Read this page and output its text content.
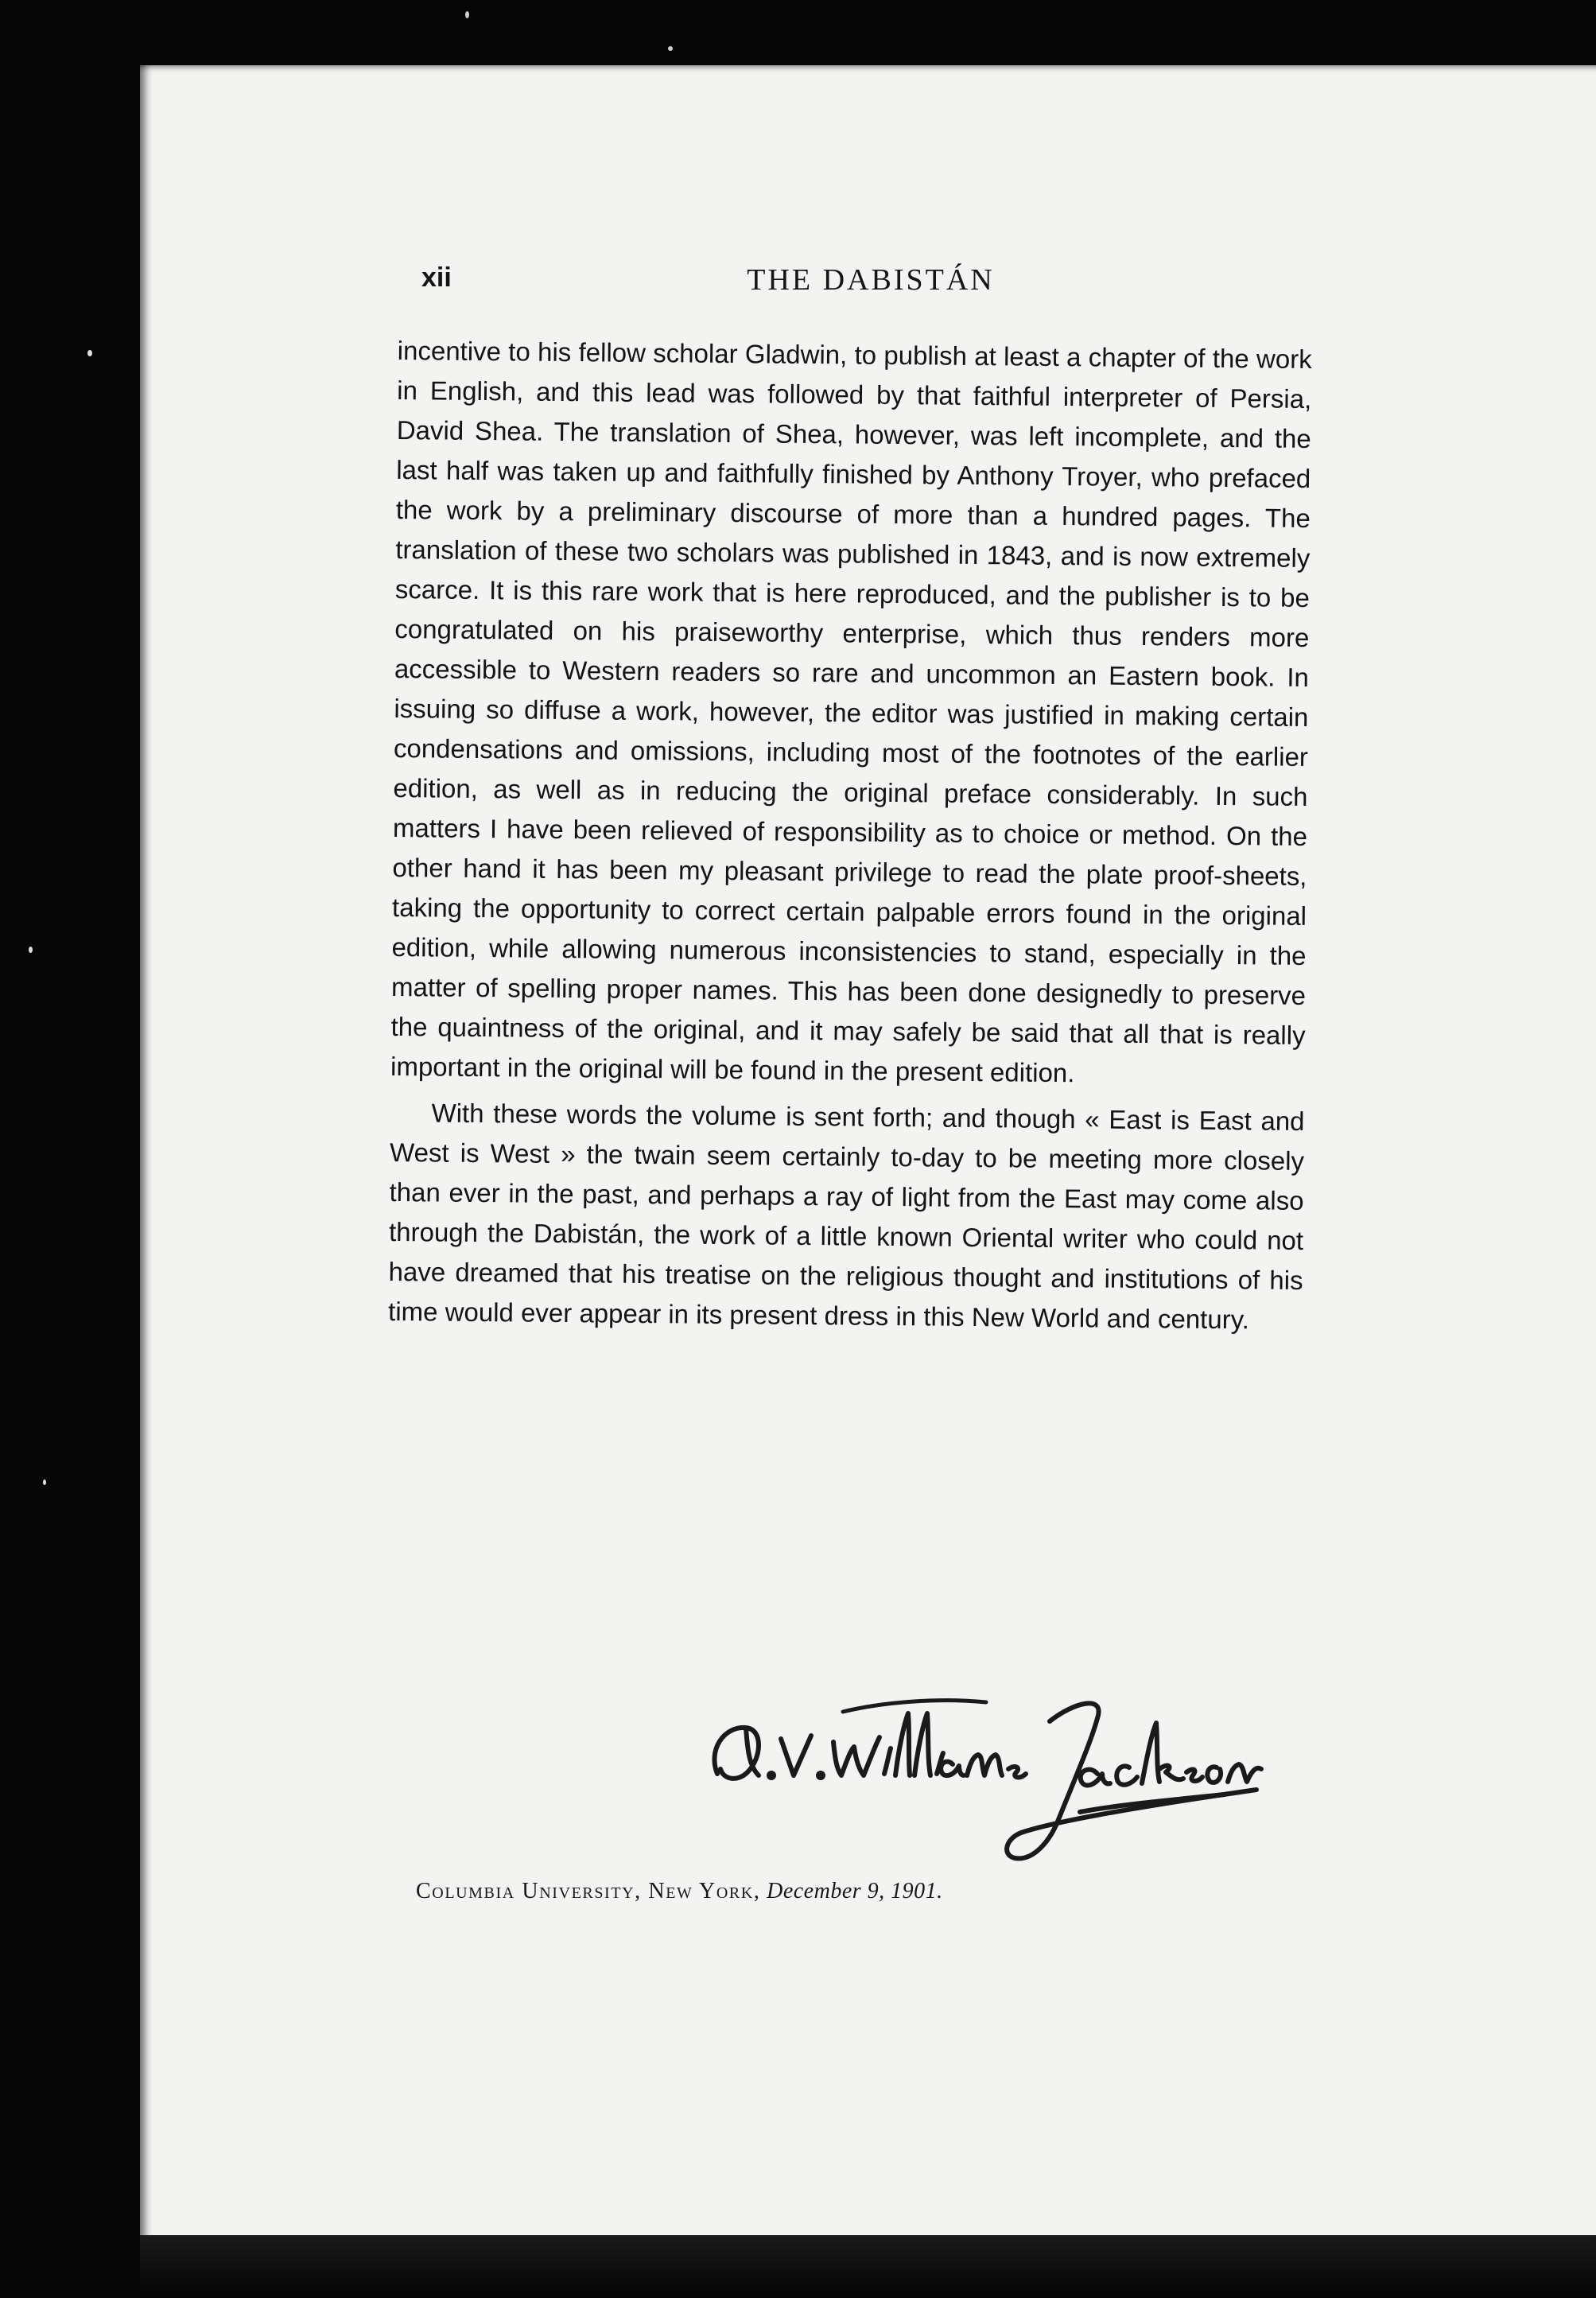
xii	THE DABISTÁN

incentive to his fellow scholar Gladwin, to publish at least a chapter of the work in English, and this lead was followed by that faithful interpreter of Persia, David Shea. The translation of Shea, however, was left incomplete, and the last half was taken up and faithfully finished by Anthony Troyer, who prefaced the work by a preliminary discourse of more than a hundred pages. The translation of these two scholars was published in 1843, and is now extremely scarce. It is this rare work that is here reproduced, and the publisher is to be congratulated on his praiseworthy enterprise, which thus renders more accessible to Western readers so rare and uncommon an Eastern book. In issuing so diffuse a work, however, the editor was justified in making certain condensations and omissions, including most of the footnotes of the earlier edition, as well as in reducing the original preface considerably. In such matters I have been relieved of responsibility as to choice or method. On the other hand it has been my pleasant privilege to read the plate proof-sheets, taking the opportunity to correct certain palpable errors found in the original edition, while allowing numerous inconsistencies to stand, especially in the matter of spelling proper names. This has been done designedly to preserve the quaintness of the original, and it may safely be said that all that is really important in the original will be found in the present edition.

With these words the volume is sent forth; and though « East is East and West is West » the twain seem certainly to-day to be meeting more closely than ever in the past, and perhaps a ray of light from the East may come also through the Dabistán, the work of a little known Oriental writer who could not have dreamed that his treatise on the religious thought and institutions of his time would ever appear in its present dress in this New World and century.

Columbia University, New York, December 9, 1901.
